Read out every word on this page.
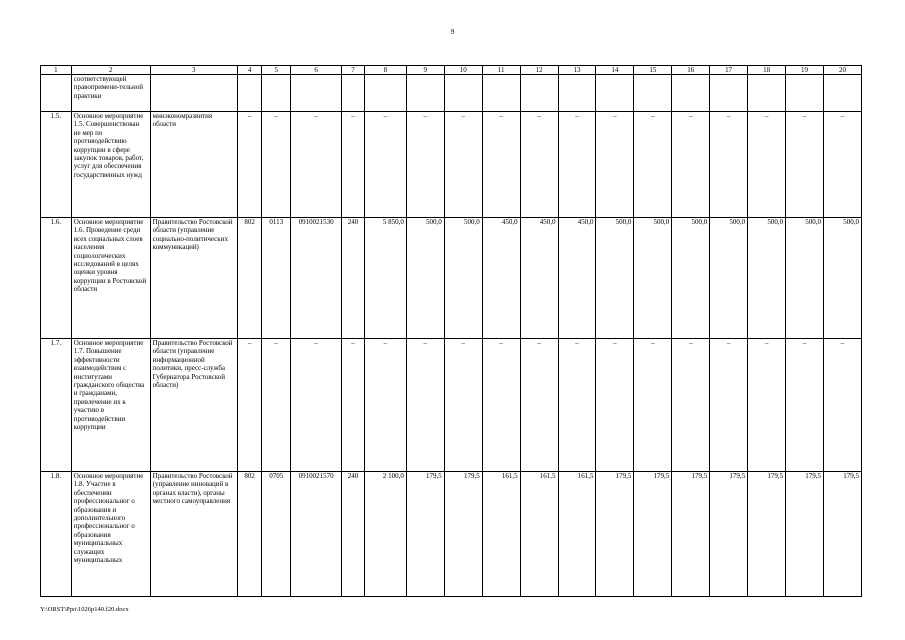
9
1	2	3	4	5	6	7	8	9	10	11	12	13	14	15	16	17	18	19	20
	соответствующей правопримени-тельной практики																		
1.5.	Основное мероприятие 1.5. Совершенствован ие мер по противодействию коррупции в сфере закупок товаров, работ, услуг для обеспечения государственных нужд	минэкономразвития области	–	–	–	–	–	–	–	–	–	–	–	–	–	–	–	–	–
1.6.	Основное мероприятие 1.6. Проведение среди всех социальных слоев населения социологических исследований в целях оценки уровня коррупции в Ростовской области	Правительство Ростовской области (управление социально-политических коммуникаций)	802	0113	0910021530	240	5 850,0	500,0	500,0	450,0	450,0	450,0	500,0	500,0	500,0	500,0	500,0	500,0	500,0
1.7.	Основное мероприятие 1.7. Повышение эффективности взаимодействия с институтами гражданского общества и гражданами, привлечение их к участию в противодействии коррупции	Правительство Ростовской области (управление информационной политики, пресс-служба Губернатора Ростовской области)	–	–	–	–	–	–	–	–	–	–	–	–	–	–	–	–	–
1.8.	Основное мероприятие 1.8. Участие в обеспечении профессиональног о образования и дополнительного профессиональног о образования муниципальных служащих муниципальных	Правительство Ростовской (управление инноваций в органах власти), органы местного самоуправления	802	0705	0910021570	240	2 100,0	179,5	179,5	161,5	161,5	161,5	179,5	179,5	179,5	179,5	179,5	179,5	179,5
Y:\ORST\Ppo\1026p140.f20.docx
